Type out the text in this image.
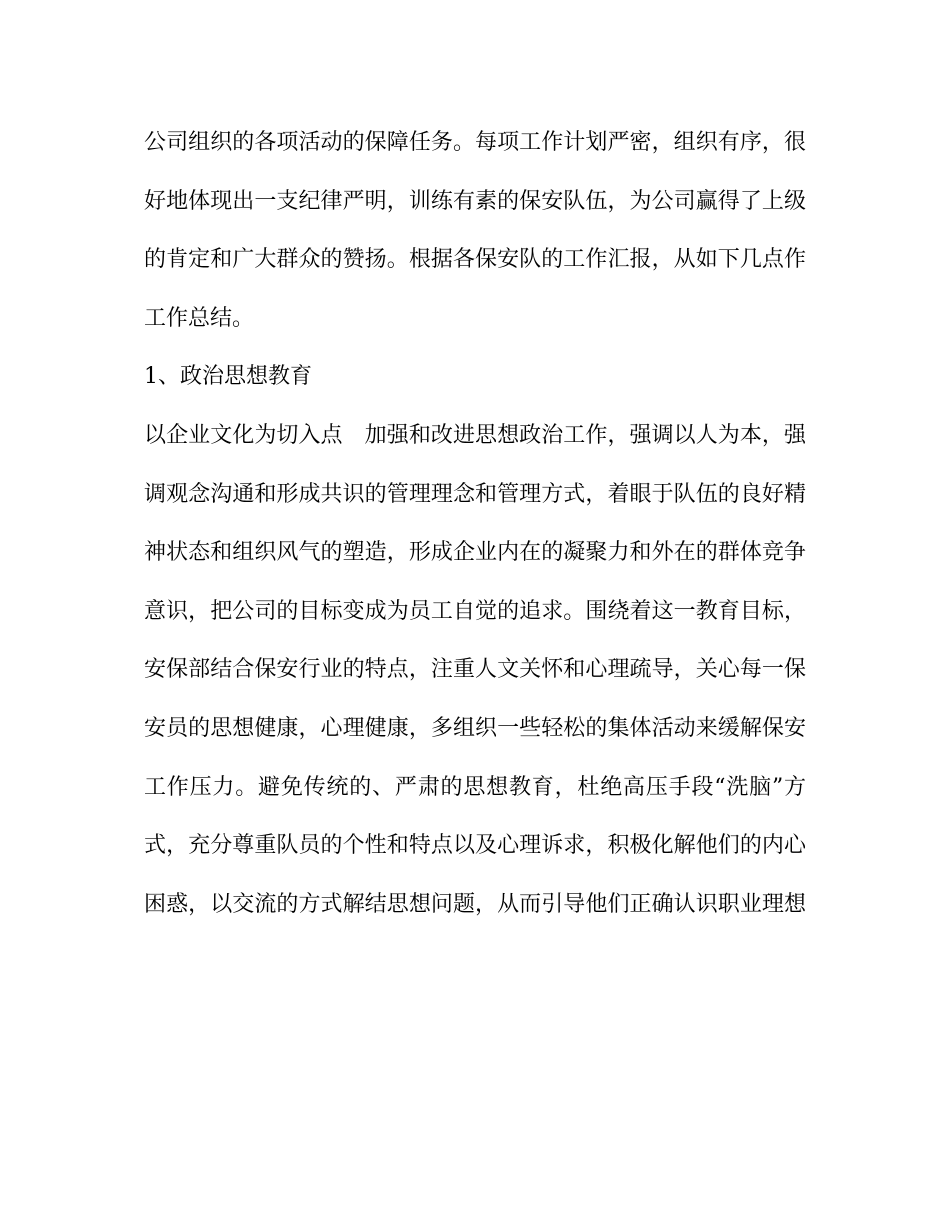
公司组织的各项活动的保障任务。每项工作计划严密，组织有序，很
好地体现出一支纪律严明，训练有素的保安队伍，为公司赢得了上级
的肯定和广大群众的赞扬。根据各保安队的工作汇报，从如下几点作
工作总结。
1、政治思想教育
以企业文化为切入点　加强和改进思想政治工作，强调以人为本，强
调观念沟通和形成共识的管理理念和管理方式，着眼于队伍的良好精
神状态和组织风气的塑造，形成企业内在的凝聚力和外在的群体竞争
意识，把公司的目标变成为员工自觉的追求。围绕着这一教育目标，
安保部结合保安行业的特点，注重人文关怀和心理疏导，关心每一保
安员的思想健康，心理健康，多组织一些轻松的集体活动来缓解保安
工作压力。避免传统的、严肃的思想教育，杜绝高压手段“洗脑”方
式，充分尊重队员的个性和特点以及心理诉求，积极化解他们的内心
困惑，以交流的方式解结思想问题，从而引导他们正确认识职业理想
